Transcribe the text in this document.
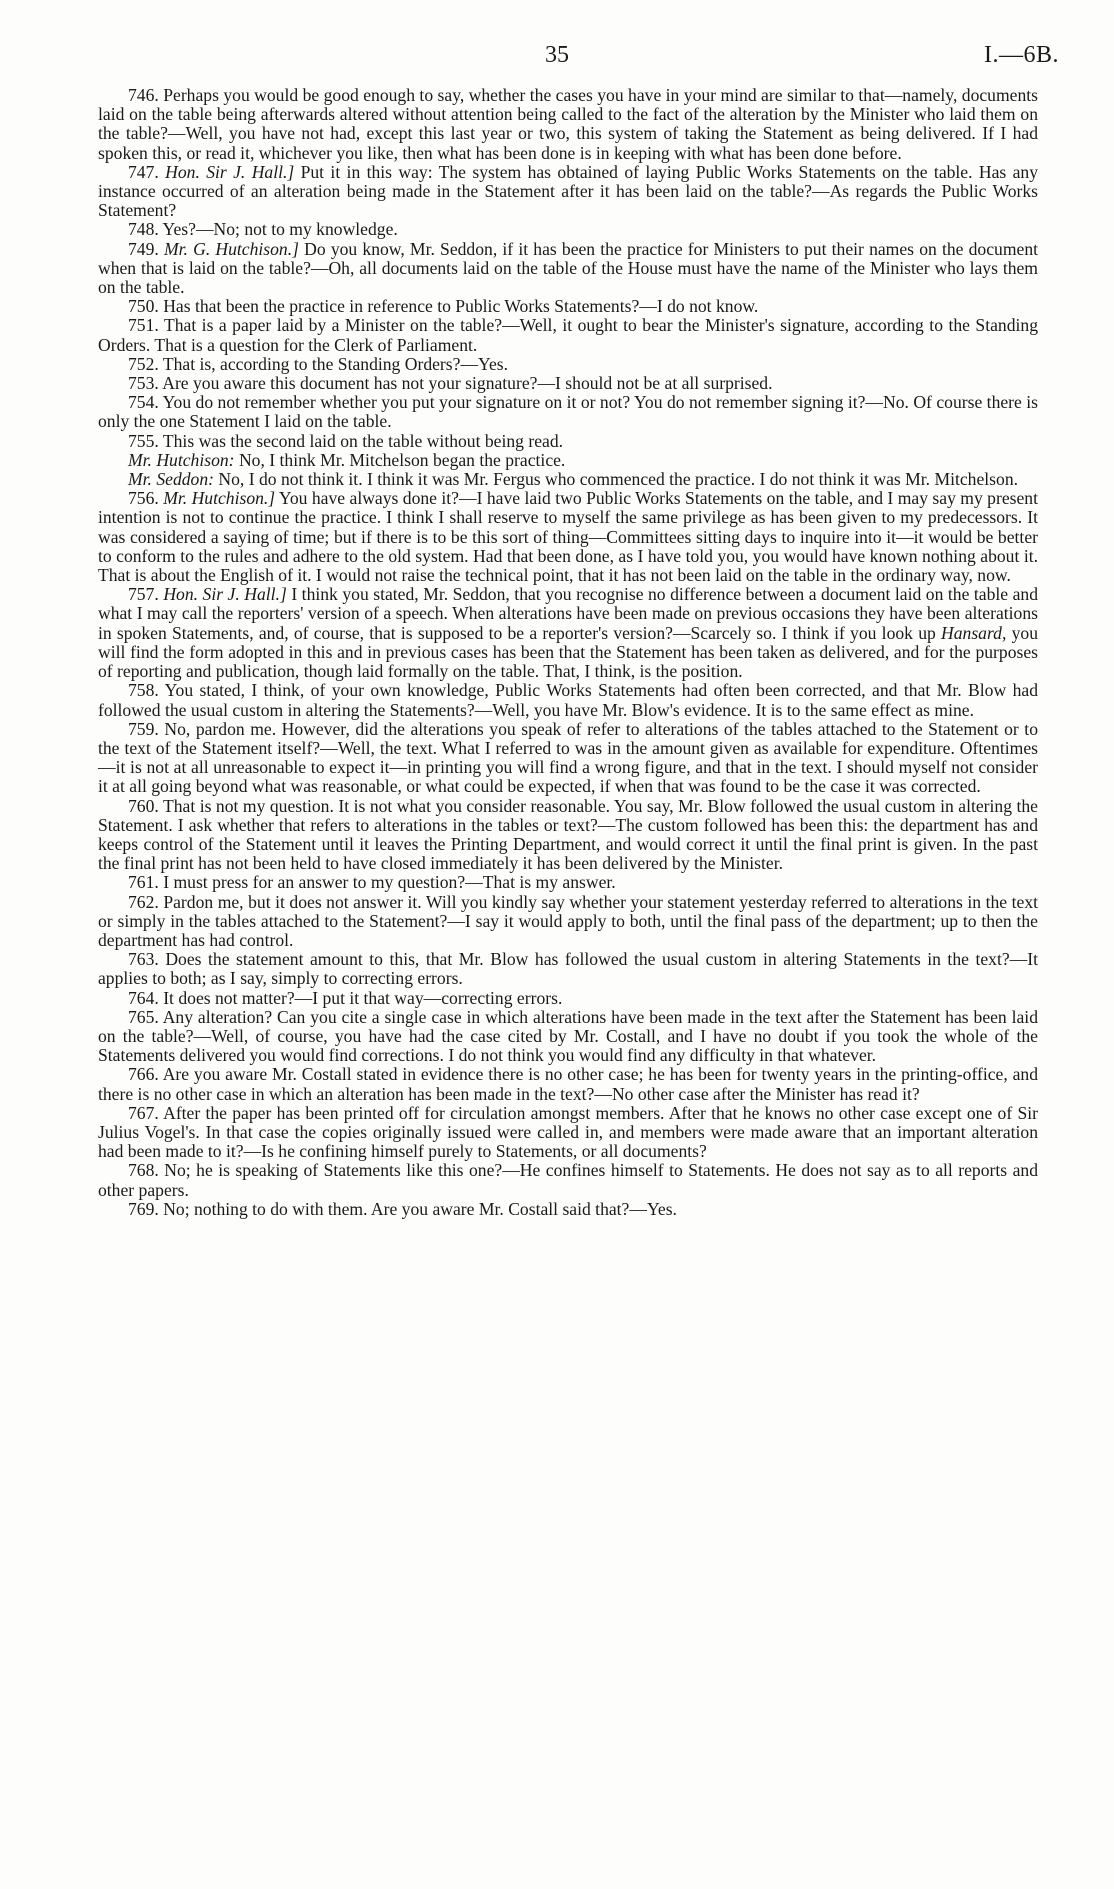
35	I.—6B.

746. Perhaps you would be good enough to say, whether the cases you have in your mind are similar to that—namely, documents laid on the table being afterwards altered without attention being called to the fact of the alteration by the Minister who laid them on the table?—Well, you have not had, except this last year or two, this system of taking the Statement as being delivered. If I had spoken this, or read it, whichever you like, then what has been done is in keeping with what has been done before.

747. Hon. Sir J. Hall.] Put it in this way: The system has obtained of laying Public Works Statements on the table. Has any instance occurred of an alteration being made in the Statement after it has been laid on the table?—As regards the Public Works Statement?

748. Yes?—No; not to my knowledge.

749. Mr. G. Hutchison.] Do you know, Mr. Seddon, if it has been the practice for Ministers to put their names on the document when that is laid on the table?—Oh, all documents laid on the table of the House must have the name of the Minister who lays them on the table.

750. Has that been the practice in reference to Public Works Statements?—I do not know.

751. That is a paper laid by a Minister on the table?—Well, it ought to bear the Minister's signature, according to the Standing Orders. That is a question for the Clerk of Parliament.

752. That is, according to the Standing Orders?—Yes.

753. Are you aware this document has not your signature?—I should not be at all surprised.

754. You do not remember whether you put your signature on it or not? You do not remember signing it?—No. Of course there is only the one Statement I laid on the table.

755. This was the second laid on the table without being read.

Mr. Hutchison: No, I think Mr. Mitchelson began the practice.

Mr. Seddon: No, I do not think it. I think it was Mr. Fergus who commenced the practice. I do not think it was Mr. Mitchelson.

756. Mr. Hutchison.] You have always done it?—I have laid two Public Works Statements on the table, and I may say my present intention is not to continue the practice. I think I shall reserve to myself the same privilege as has been given to my predecessors. It was considered a saying of time; but if there is to be this sort of thing—Committees sitting days to inquire into it—it would be better to conform to the rules and adhere to the old system. Had that been done, as I have told you, you would have known nothing about it. That is about the English of it. I would not raise the technical point, that it has not been laid on the table in the ordinary way, now.

757. Hon. Sir J. Hall.] I think you stated, Mr. Seddon, that you recognise no difference between a document laid on the table and what I may call the reporters' version of a speech. When alterations have been made on previous occasions they have been alterations in spoken Statements, and, of course, that is supposed to be a reporter's version?—Scarcely so. I think if you look up Hansard, you will find the form adopted in this and in previous cases has been that the Statement has been taken as delivered, and for the purposes of reporting and publication, though laid formally on the table. That, I think, is the position.

758. You stated, I think, of your own knowledge, Public Works Statements had often been corrected, and that Mr. Blow had followed the usual custom in altering the Statements?—Well, you have Mr. Blow's evidence. It is to the same effect as mine.

759. No, pardon me. However, did the alterations you speak of refer to alterations of the tables attached to the Statement or to the text of the Statement itself?—Well, the text. What I referred to was in the amount given as available for expenditure. Oftentimes—it is not at all unreasonable to expect it—in printing you will find a wrong figure, and that in the text. I should myself not consider it at all going beyond what was reasonable, or what could be expected, if when that was found to be the case it was corrected.

760. That is not my question. It is not what you consider reasonable. You say, Mr. Blow followed the usual custom in altering the Statement. I ask whether that refers to alterations in the tables or text?—The custom followed has been this: the department has and keeps control of the Statement until it leaves the Printing Department, and would correct it until the final print is given. In the past the final print has not been held to have closed immediately it has been delivered by the Minister.

761. I must press for an answer to my question?—That is my answer.

762. Pardon me, but it does not answer it. Will you kindly say whether your statement yesterday referred to alterations in the text or simply in the tables attached to the Statement?—I say it would apply to both, until the final pass of the department; up to then the department has had control.

763. Does the statement amount to this, that Mr. Blow has followed the usual custom in altering Statements in the text?—It applies to both; as I say, simply to correcting errors.

764. It does not matter?—I put it that way—correcting errors.

765. Any alteration? Can you cite a single case in which alterations have been made in the text after the Statement has been laid on the table?—Well, of course, you have had the case cited by Mr. Costall, and I have no doubt if you took the whole of the Statements delivered you would find corrections. I do not think you would find any difficulty in that whatever.

766. Are you aware Mr. Costall stated in evidence there is no other case; he has been for twenty years in the printing-office, and there is no other case in which an alteration has been made in the text?—No other case after the Minister has read it?

767. After the paper has been printed off for circulation amongst members. After that he knows no other case except one of Sir Julius Vogel's. In that case the copies originally issued were called in, and members were made aware that an important alteration had been made to it?—Is he confining himself purely to Statements, or all documents?

768. No; he is speaking of Statements like this one?—He confines himself to Statements. He does not say as to all reports and other papers.

769. No; nothing to do with them. Are you aware Mr. Costall said that?—Yes.
